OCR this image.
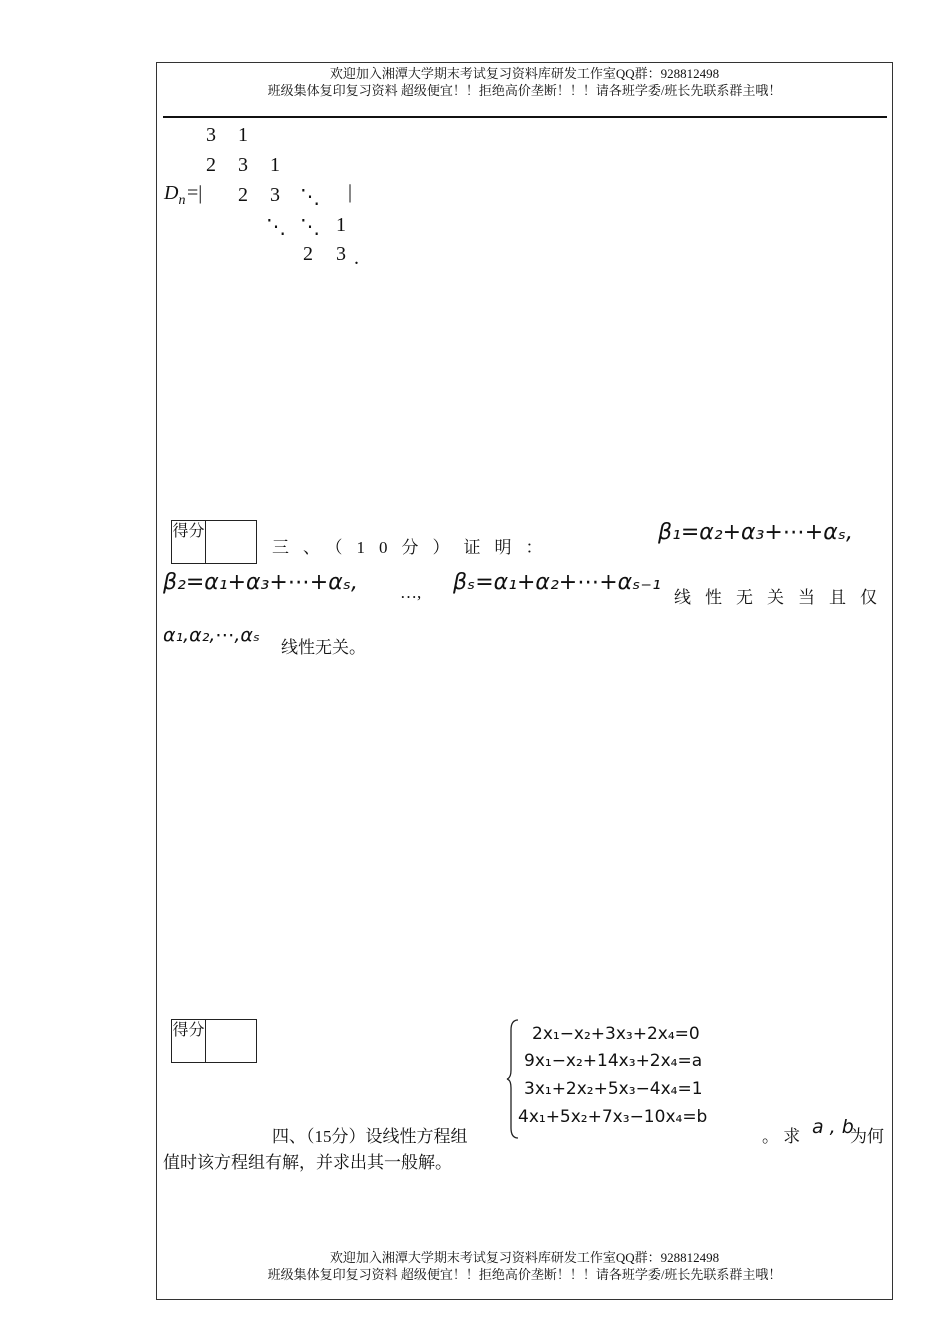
欢迎加入湘潭大学期末考试复习资料库研发工作室QQ群：928812498
班级集体复印复习资料 超级便宜！！拒绝高价垄断！！！请各班学委/班长先联系群主哦！
$D_n$ =|	|
3 1
2 3 1
2 3 ⋱
⋱ ⋱ 1
2 3 .
得分
三、（10分）证明：
β₁=α₂+α₃+⋯+αₛ,
β₂=α₁+α₃+⋯+αₛ, …, βₛ=α₁+α₂+⋯+αₛ₋₁
线性无关当且仅
α₁,α₂,⋯,αₛ
线性无关。
得分
四、（15分）设线性方程组
2x₁−x₂+3x₃+2x₄=0
9x₁−x₂+14x₃+2x₄=a
3x₁+2x₂+5x₃−4x₄=1
4x₁+5x₂+7x₃−10x₄=b
。 求 a , b
为何
值时该方程组有解，并求出其一般解。
欢迎加入湘潭大学期末考试复习资料库研发工作室QQ群：928812498
班级集体复印复习资料 超级便宜！！拒绝高价垄断！！！请各班学委/班长先联系群主哦！
